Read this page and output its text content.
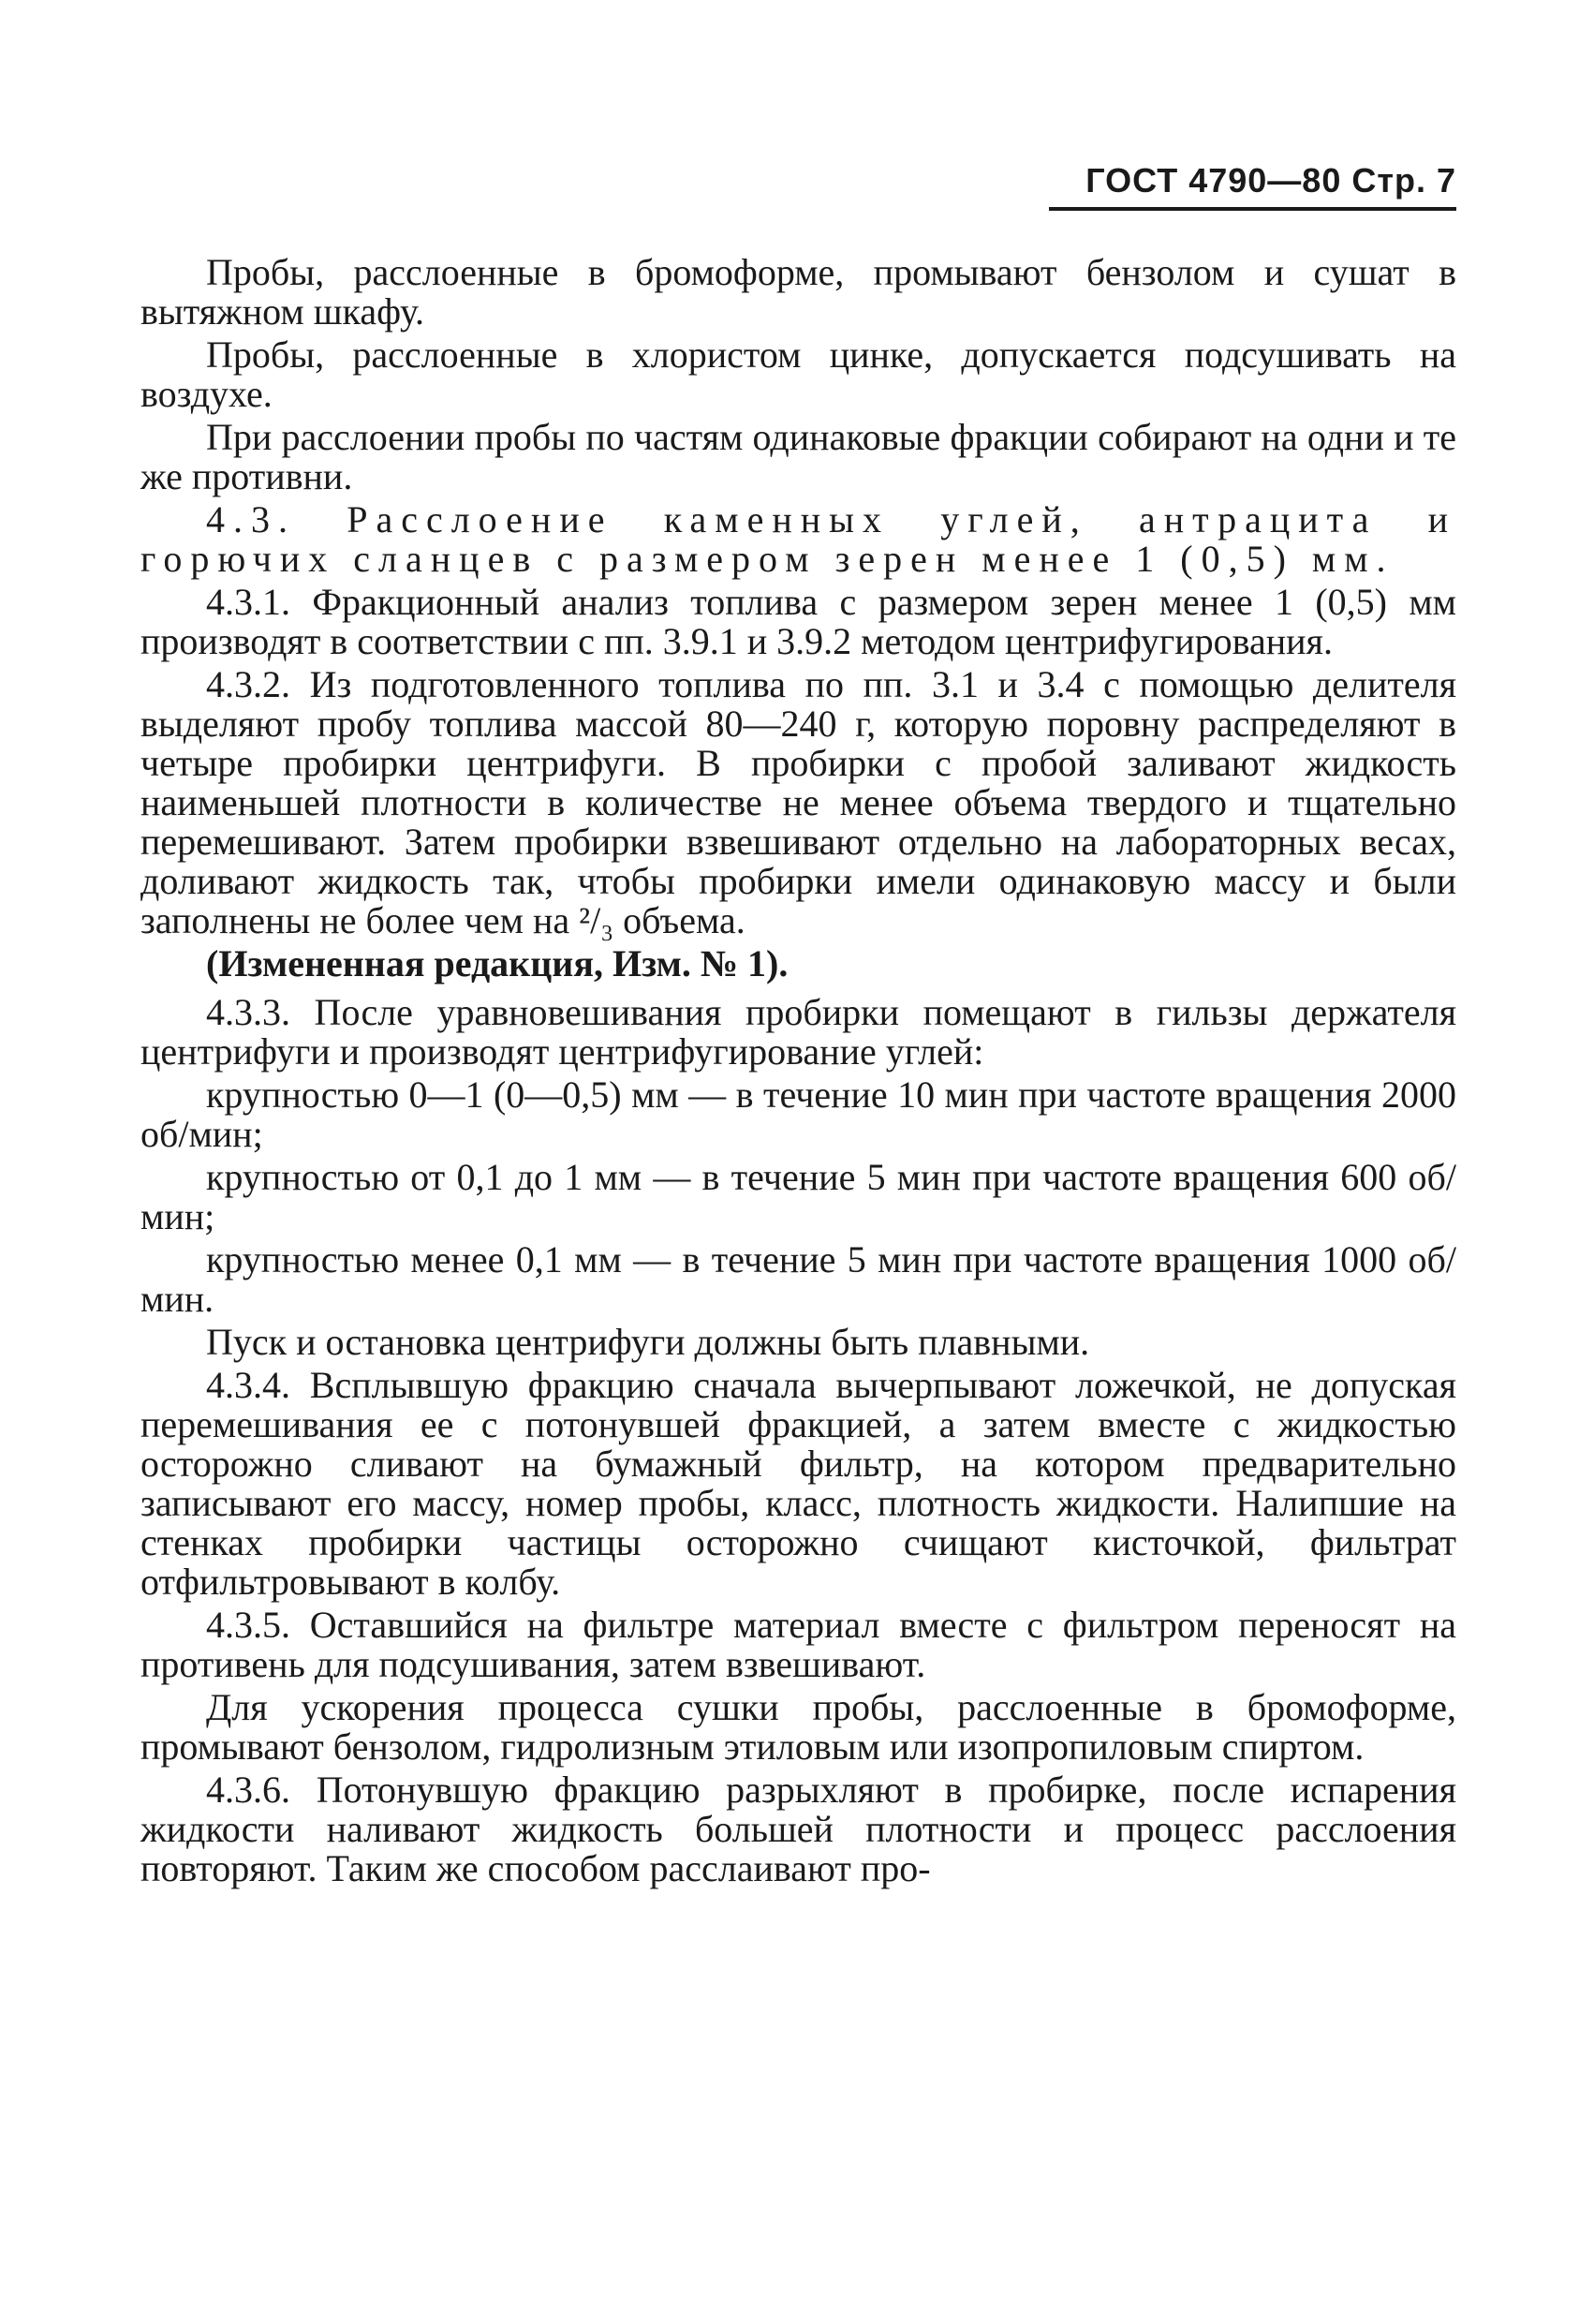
ГОСТ 4790—80 Стр. 7

Пробы, расслоенные в бромоформе, промывают бензолом и сушат в вытяжном шкафу.

Пробы, расслоенные в хлористом цинке, допускается подсушивать на воздухе.

При расслоении пробы по частям одинаковые фракции собирают на одни и те же противни.

4.3. Расслоение каменных углей, антрацита и горючих сланцев с размером зерен менее 1 (0,5) мм.

4.3.1. Фракционный анализ топлива с размером зерен менее 1 (0,5) мм производят в соответствии с пп. 3.9.1 и 3.9.2 методом центрифугирования.

4.3.2. Из подготовленного топлива по пп. 3.1 и 3.4 с помощью делителя выделяют пробу топлива массой 80—240 г, которую поровну распределяют в четыре пробирки центрифуги. В пробирки с пробой заливают жидкость наименьшей плотности в количестве не менее объема твердого и тщательно перемешивают. Затем пробирки взвешивают отдельно на лабораторных весах, доливают жидкость так, чтобы пробирки имели одинаковую массу и были заполнены не более чем на ²/₃ объема.

(Измененная редакция, Изм. № 1).

4.3.3. После уравновешивания пробирки помещают в гильзы держателя центрифуги и производят центрифугирование углей:

крупностью 0—1 (0—0,5) мм — в течение 10 мин при частоте вращения 2000 об/мин;

крупностью от 0,1 до 1 мм — в течение 5 мин при частоте вращения 600 об/мин;

крупностью менее 0,1 мм — в течение 5 мин при частоте вращения 1000 об/мин.

Пуск и остановка центрифуги должны быть плавными.

4.3.4. Всплывшую фракцию сначала вычерпывают ложечкой, не допуская перемешивания ее с потонувшей фракцией, а затем вместе с жидкостью осторожно сливают на бумажный фильтр, на котором предварительно записывают его массу, номер пробы, класс, плотность жидкости. Налипшие на стенках пробирки частицы осторожно счищают кисточкой, фильтрат отфильтровывают в колбу.

4.3.5. Оставшийся на фильтре материал вместе с фильтром переносят на противень для подсушивания, затем взвешивают.

Для ускорения процесса сушки пробы, расслоенные в бромоформе, промывают бензолом, гидролизным этиловым или изопропиловым спиртом.

4.3.6. Потонувшую фракцию разрыхляют в пробирке, после испарения жидкости наливают жидкость большей плотности и процесс расслоения повторяют. Таким же способом расслаивают про-
